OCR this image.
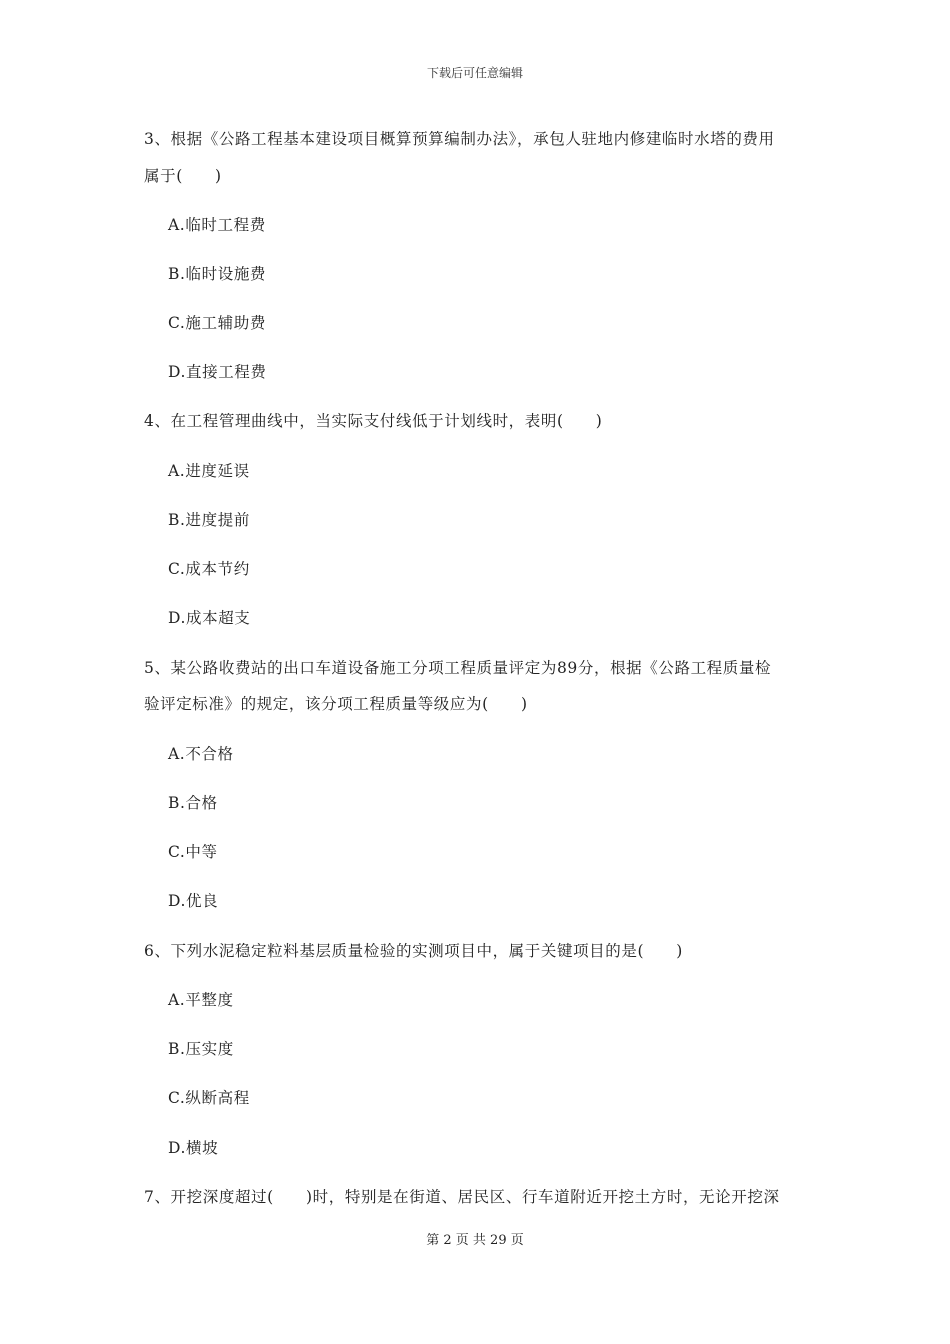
下载后可任意编辑
3、根据《公路工程基本建设项目概算预算编制办法》，承包人驻地内修建临时水塔的费用
属于(　　)
A.临时工程费
B.临时设施费
C.施工辅助费
D.直接工程费
4、在工程管理曲线中，当实际支付线低于计划线时，表明(　　)
A.进度延误
B.进度提前
C.成本节约
D.成本超支
5、某公路收费站的出口车道设备施工分项工程质量评定为89分，根据《公路工程质量检
验评定标准》的规定，该分项工程质量等级应为(　　)
A.不合格
B.合格
C.中等
D.优良
6、下列水泥稳定粒料基层质量检验的实测项目中，属于关键项目的是(　　)
A.平整度
B.压实度
C.纵断高程
D.横坡
7、开挖深度超过(　　)时，特别是在街道、居民区、行车道附近开挖土方时，无论开挖深
第 2 页 共 29 页
